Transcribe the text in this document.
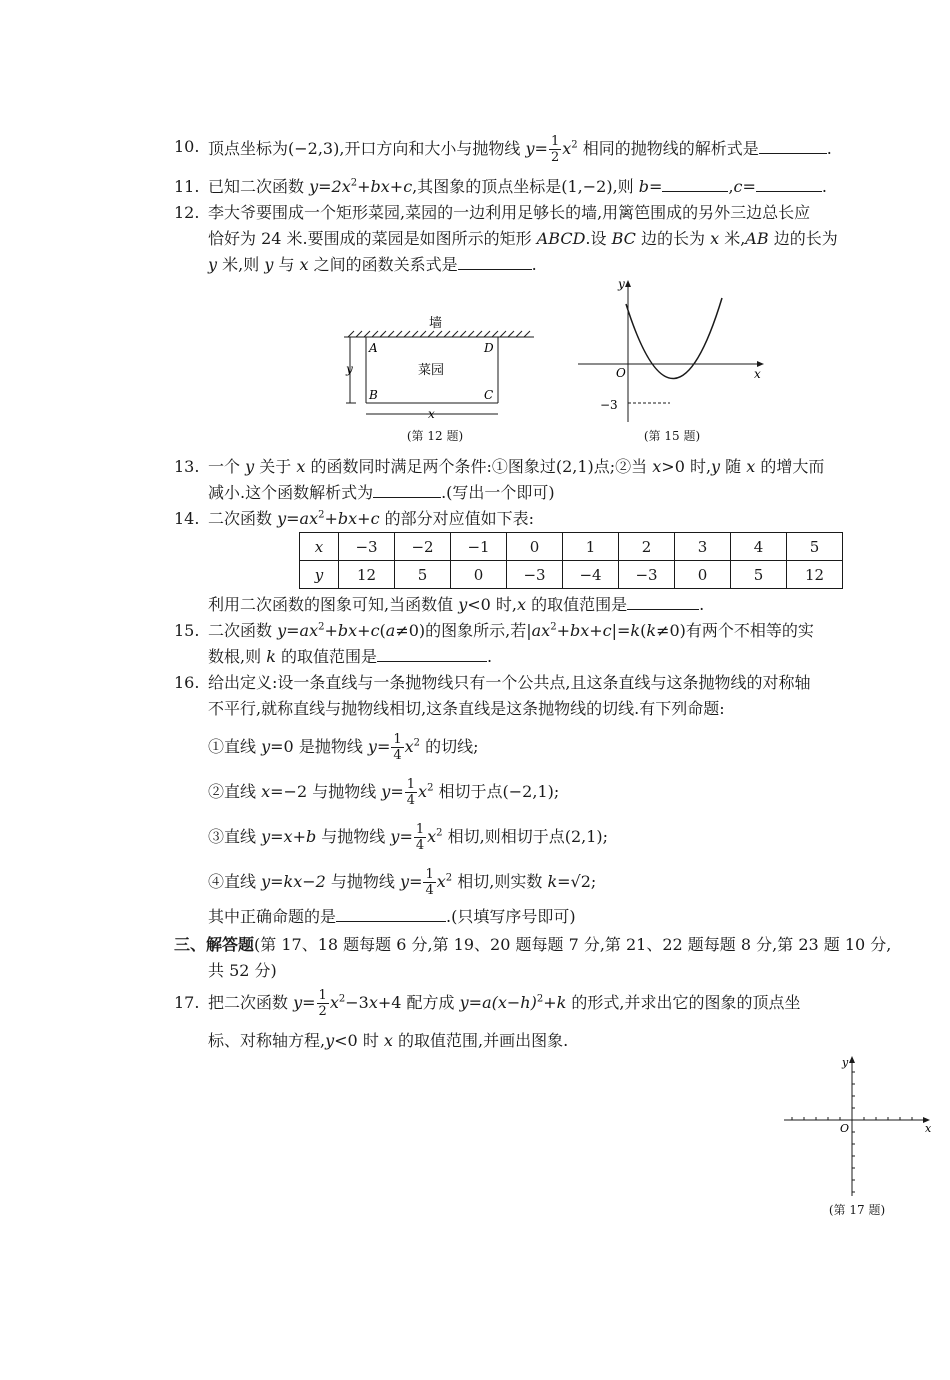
10. 顶点坐标为(−2,3),开口方向和大小与抛物线 $y= \frac{1}{2} x^2$ 相同的抛物线的解析式是	.
11. 已知二次函数 $y=2x^2+bx+c$,其图象的顶点坐标是(1,−2),则 b=	,c=	.
12. 李大爷要围成一个矩形菜园,菜园的一边利用足够长的墙,用篱笆围成的另外三边总长应
恰好为 24 米.要围成的菜园是如图所示的矩形 ABCD.设 BC 边的长为 x 米,AB 边的长为
y 米,则 y 与 x 之间的函数关系式是	.
墙
菜园
A	D
B	C
y
x
(第 12 题)
y
x
O
−3
(第 15 题)
13. 一个 y 关于 x 的函数同时满足两个条件:①图象过(2,1)点;②当 x>0 时,y 随 x 的增大而
减小.这个函数解析式为	.(写出一个即可)
14. 二次函数 $y=ax^2+bx+c$ 的部分对应值如下表:
x	−3	−2	−1	0	1	2	3	4	5
y	12	5	0	−3	−4	−3	0	5	12
利用二次函数的图象可知,当函数值 y<0 时,x 的取值范围是	.
15. 二次函数 $y=ax^2+bx+c(a\ne 0)$的图象所示,若$|ax^2+bx+c|=k(k\ne 0)$有两个不相等的实
数根,则 k 的取值范围是	.
16. 给出定义:设一条直线与一条抛物线只有一个公共点,且这条直线与这条抛物线的对称轴
不平行,就称直线与抛物线相切,这条直线是这条抛物线的切线.有下列命题:
①直线 y=0 是抛物线 $y= \frac{1}{4} x^2$ 的切线;
②直线 x=−2 与抛物线 $y= \frac{1}{4} x^2$ 相切于点(−2,1);
③直线 y=x+b 与抛物线 $y= \frac{1}{4} x^2$ 相切,则相切于点(2,1);
④直线 y=kx−2 与抛物线 $y= \frac{1}{4} x^2$ 相切,则实数 k=√2;
其中正确命题的是	.(只填写序号即可)
三、解答题(第 17、18 题每题 6 分,第 19、20 题每题 7 分,第 21、22 题每题 8 分,第 23 题 10 分,
共 52 分)
17. 把二次函数 $y= \frac{1}{2} x^2-3x+4$ 配方成 $y=a(x-h)^2+k$ 的形式,并求出它的图象的顶点坐
标、对称轴方程,y<0 时 x 的取值范围,并画出图象.
y
x
O
(第 17 题)
